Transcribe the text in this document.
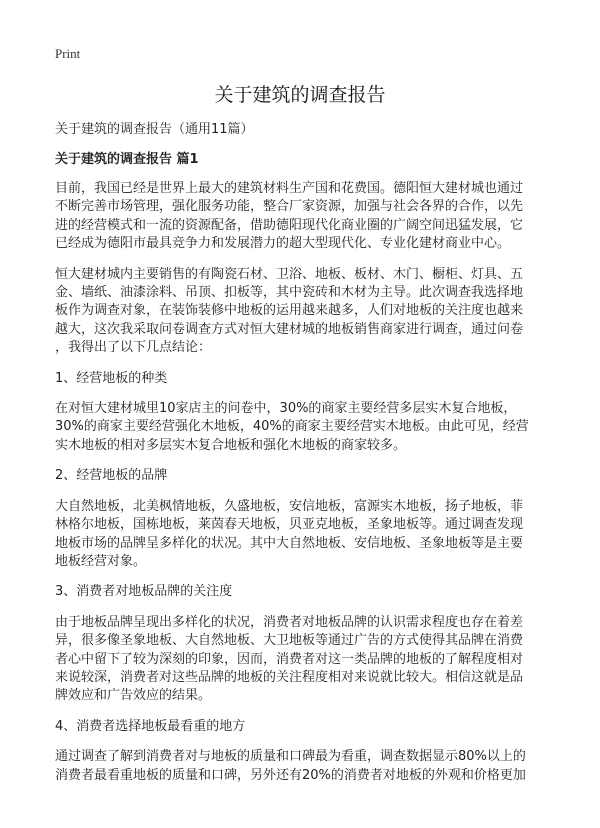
Print
关于建筑的调查报告
关于建筑的调查报告（通用11篇）
关于建筑的调查报告 篇1
目前，我国已经是世界上最大的建筑材料生产国和花费国。德阳恒大建材城也通过
不断完善市场管理，强化服务功能，整合厂家资源，加强与社会各界的合作，以先
进的经营模式和一流的资源配备，借助德阳现代化商业圈的广阔空间迅猛发展，它
已经成为德阳市最具竞争力和发展潜力的超大型现代化、专业化建材商业中心。
恒大建材城内主要销售的有陶瓷石材、卫浴、地板、板材、木门、橱柜、灯具、五
金、墙纸、油漆涂料、吊顶、扣板等，其中瓷砖和木材为主导。此次调查我选择地
板作为调查对象，在装饰装修中地板的运用越来越多，人们对地板的关注度也越来
越大，这次我采取问卷调查方式对恒大建材城的地板销售商家进行调查，通过问卷
，我得出了以下几点结论：
1、经营地板的种类
在对恒大建材城里10家店主的问卷中，30%的商家主要经营多层实木复合地板，
30%的商家主要经营强化木地板，40%的商家主要经营实木地板。由此可见，经营
实木地板的相对多层实木复合地板和强化木地板的商家较多。
2、经营地板的品牌
大自然地板，北美枫情地板，久盛地板，安信地板，富源实木地板，扬子地板，菲
林格尔地板，国栋地板，莱茵春天地板，贝亚克地板，圣象地板等。通过调查发现
地板市场的品牌呈多样化的状况。其中大自然地板、安信地板、圣象地板等是主要
地板经营对象。
3、消费者对地板品牌的关注度
由于地板品牌呈现出多样化的状况，消费者对地板品牌的认识需求程度也存在着差
异，很多像圣象地板、大自然地板、大卫地板等通过广告的方式使得其品牌在消费
者心中留下了较为深刻的印象，因而，消费者对这一类品牌的地板的了解程度相对
来说较深，消费者对这些品牌的地板的关注程度相对来说就比较大。相信这就是品
牌效应和广告效应的结果。
4、消费者选择地板最看重的地方
通过调查了解到消费者对与地板的质量和口碑最为看重，调查数据显示80%以上的
消费者最看重地板的质量和口碑，另外还有20%的消费者对地板的外观和价格更加
